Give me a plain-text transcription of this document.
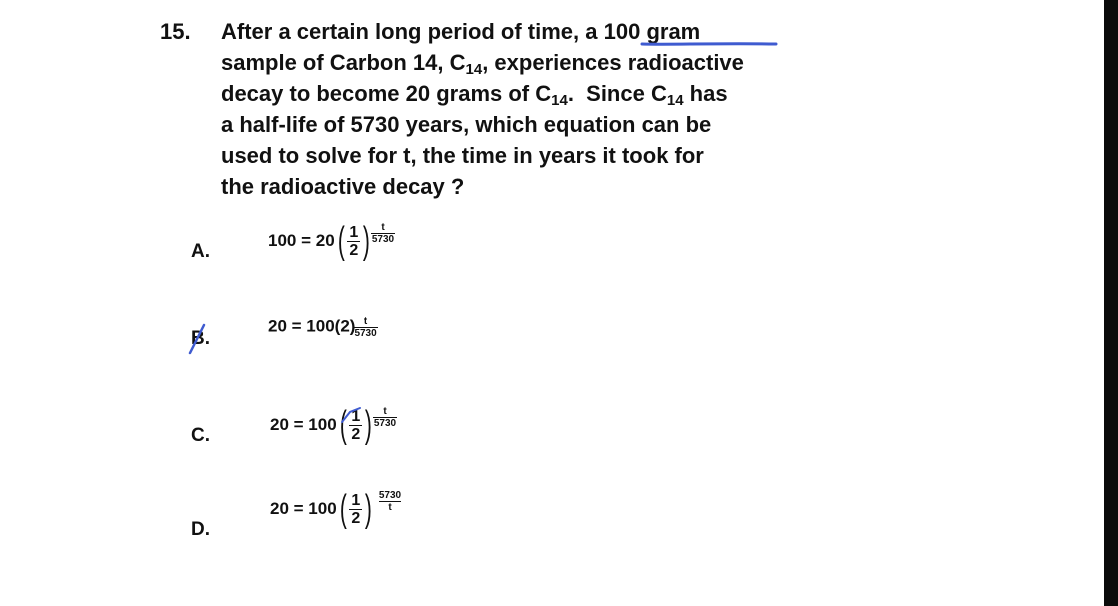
15. After a certain long period of time, a 100 gram
sample of Carbon 14, $C_{14}$, experiences radioactive
decay to become 20 grams of $C_{14}$.  Since $C_{14}$ has
a half-life of 5730 years, which equation can be
used to solve for t, the time in years it took for
the radioactive decay ?
A.
$100 = 20( \frac{1}{2}$ ) $\frac{t}{5730}$
B.
20 = 100(2)
$\frac{t}{5730}$
C.
$20 = 100( \frac{1}{2}$ ) $\frac{t}{5730}$
D.
$20 = 100( \frac{1}{2}$ ) $\frac{5730}{t}$
